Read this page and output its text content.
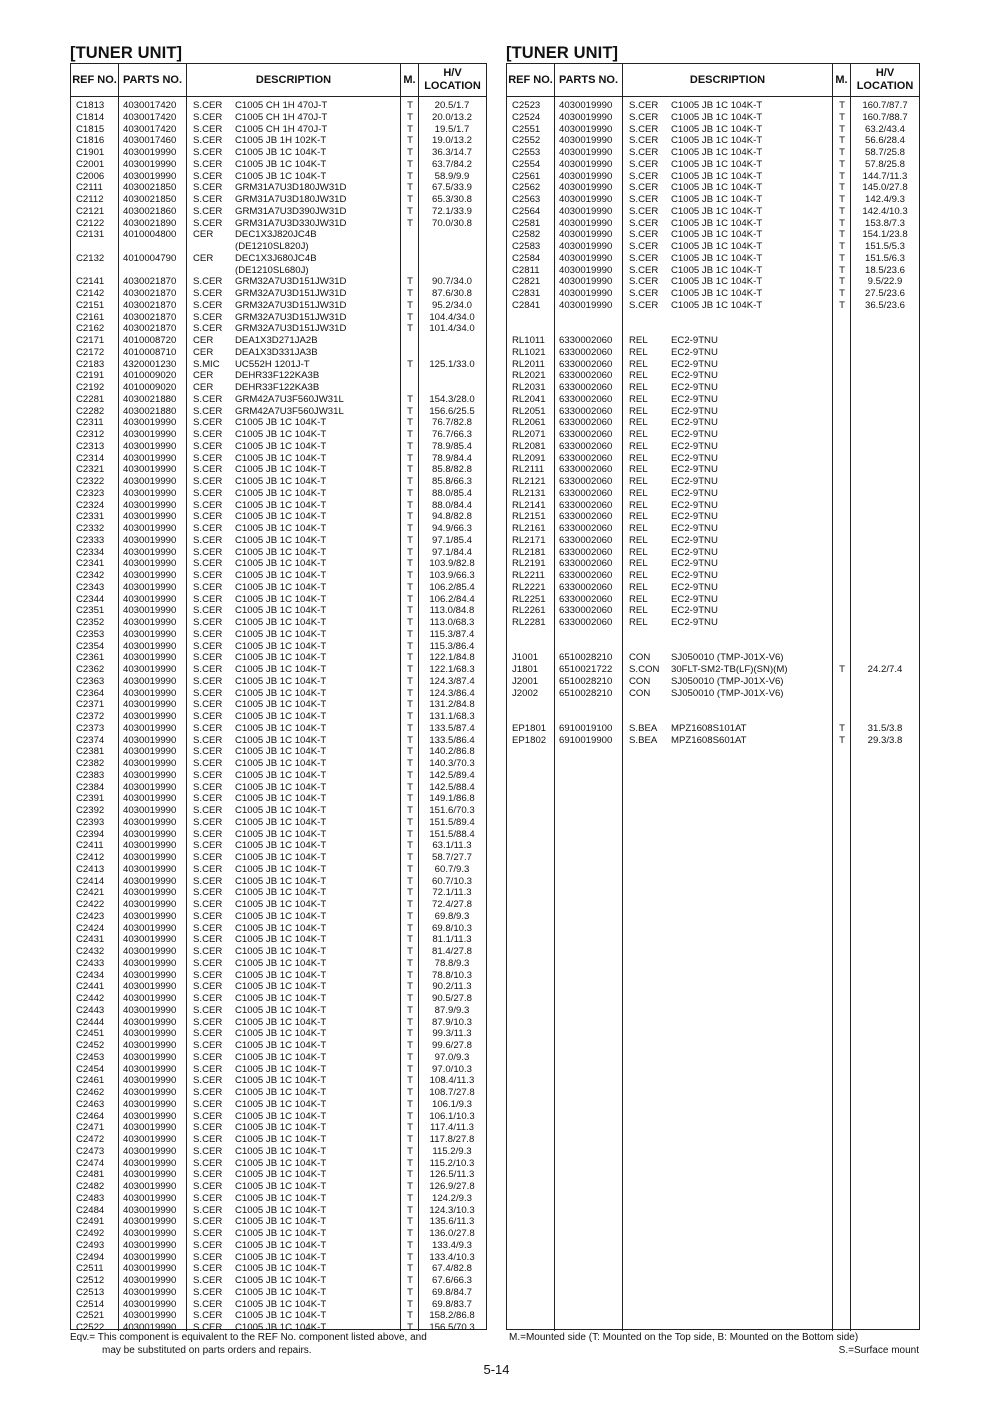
[TUNER UNIT]
REF NO. PARTS NO.	DESCRIPTION	M.
H/V LOCATION
C1813 4030017420 S.CER C1005 CH 1H 470J-T	T	20.5/1.7
C1814 4030017420 S.CER C1005 CH 1H 470J-T	T	20.0/13.2
C1815 4030017420 S.CER C1005 CH 1H 470J-T	T	19.5/1.7
C1816 4030017460 S.CER C1005 JB 1H 102K-T	T	19.0/13.2
C1901 4030019990 S.CER C1005 JB 1C 104K-T	T	36.3/14.7
C2001 4030019990 S.CER C1005 JB 1C 104K-T	T	63.7/84.2
C2006 4030019990 S.CER C1005 JB 1C 104K-T	T	58.9/9.9
C2111 4030021850 S.CER GRM31A7U3D180JW31D	T	67.5/33.9
C2112 4030021850 S.CER GRM31A7U3D180JW31D	T	65.3/30.8
C2121 4030021860 S.CER GRM31A7U3D390JW31D	T	72.1/33.9
C2122 4030021890 S.CER GRM31A7U3D330JW31D	T	70.0/30.8
C2131 4010004800 CER DEC1X3J820JC4B
(DE1210SL820J)
C2132 4010004790 CER DEC1X3J680JC4B
(DE1210SL680J)
C2141 4030021870 S.CER GRM32A7U3D151JW31D	T	90.7/34.0
C2142 4030021870 S.CER GRM32A7U3D151JW31D	T	87.6/30.8
C2151 4030021870 S.CER GRM32A7U3D151JW31D	T	95.2/34.0
C2161 4030021870 S.CER GRM32A7U3D151JW31D	T	104.4/34.0
C2162 4030021870 S.CER GRM32A7U3D151JW31D	T	101.4/34.0
C2171 4010008720 CER DEA1X3D271JA2B
C2172 4010008710 CER DEA1X3D331JA3B
C2183 4320001230 S.MIC UC552H 1201J-T	T	125.1/33.0
C2191 4010009020 CER DEHR33F122KA3B
C2192 4010009020 CER DEHR33F122KA3B
C2281 4030021880 S.CER GRM42A7U3F560JW31L	T	154.3/28.0
C2282 4030021880 S.CER GRM42A7U3F560JW31L	T	156.6/25.5
C2311 4030019990 S.CER C1005 JB 1C 104K-T	T	76.7/82.8
C2312 4030019990 S.CER C1005 JB 1C 104K-T	T	76.7/66.3
C2313 4030019990 S.CER C1005 JB 1C 104K-T	T	78.9/85.4
C2314 4030019990 S.CER C1005 JB 1C 104K-T	T	78.9/84.4
C2321 4030019990 S.CER C1005 JB 1C 104K-T	T	85.8/82.8
C2322 4030019990 S.CER C1005 JB 1C 104K-T	T	85.8/66.3
C2323 4030019990 S.CER C1005 JB 1C 104K-T	T	88.0/85.4
C2324 4030019990 S.CER C1005 JB 1C 104K-T	T	88.0/84.4
C2331 4030019990 S.CER C1005 JB 1C 104K-T	T	94.8/82.8
C2332 4030019990 S.CER C1005 JB 1C 104K-T	T	94.9/66.3
C2333 4030019990 S.CER C1005 JB 1C 104K-T	T	97.1/85.4
C2334 4030019990 S.CER C1005 JB 1C 104K-T	T	97.1/84.4
C2341 4030019990 S.CER C1005 JB 1C 104K-T	T	103.9/82.8
C2342 4030019990 S.CER C1005 JB 1C 104K-T	T	103.9/66.3
C2343 4030019990 S.CER C1005 JB 1C 104K-T	T	106.2/85.4
C2344 4030019990 S.CER C1005 JB 1C 104K-T	T	106.2/84.4
C2351 4030019990 S.CER C1005 JB 1C 104K-T	T	113.0/84.8
C2352 4030019990 S.CER C1005 JB 1C 104K-T	T	113.0/68.3
C2353 4030019990 S.CER C1005 JB 1C 104K-T	T	115.3/87.4
C2354 4030019990 S.CER C1005 JB 1C 104K-T	T	115.3/86.4
C2361 4030019990 S.CER C1005 JB 1C 104K-T	T	122.1/84.8
C2362 4030019990 S.CER C1005 JB 1C 104K-T	T	122.1/68.3
C2363 4030019990 S.CER C1005 JB 1C 104K-T	T	124.3/87.4
C2364 4030019990 S.CER C1005 JB 1C 104K-T	T	124.3/86.4
C2371 4030019990 S.CER C1005 JB 1C 104K-T	T	131.2/84.8
C2372 4030019990 S.CER C1005 JB 1C 104K-T	T	131.1/68.3
C2373 4030019990 S.CER C1005 JB 1C 104K-T	T	133.5/87.4
C2374 4030019990 S.CER C1005 JB 1C 104K-T	T	133.5/86.4
C2381 4030019990 S.CER C1005 JB 1C 104K-T	T	140.2/86.8
C2382 4030019990 S.CER C1005 JB 1C 104K-T	T	140.3/70.3
C2383 4030019990 S.CER C1005 JB 1C 104K-T	T	142.5/89.4
C2384 4030019990 S.CER C1005 JB 1C 104K-T	T	142.5/88.4
C2391 4030019990 S.CER C1005 JB 1C 104K-T	T	149.1/86.8
C2392 4030019990 S.CER C1005 JB 1C 104K-T	T	151.6/70.3
C2393 4030019990 S.CER C1005 JB 1C 104K-T	T	151.5/89.4
C2394 4030019990 S.CER C1005 JB 1C 104K-T	T	151.5/88.4
C2411 4030019990 S.CER C1005 JB 1C 104K-T	T	63.1/11.3
C2412 4030019990 S.CER C1005 JB 1C 104K-T	T	58.7/27.7
C2413 4030019990 S.CER C1005 JB 1C 104K-T	T	60.7/9.3
C2414 4030019990 S.CER C1005 JB 1C 104K-T	T	60.7/10.3
C2421 4030019990 S.CER C1005 JB 1C 104K-T	T	72.1/11.3
C2422 4030019990 S.CER C1005 JB 1C 104K-T	T	72.4/27.8
C2423 4030019990 S.CER C1005 JB 1C 104K-T	T	69.8/9.3
C2424 4030019990 S.CER C1005 JB 1C 104K-T	T	69.8/10.3
C2431 4030019990 S.CER C1005 JB 1C 104K-T	T	81.1/11.3
C2432 4030019990 S.CER C1005 JB 1C 104K-T	T	81.4/27.8
C2433 4030019990 S.CER C1005 JB 1C 104K-T	T	78.8/9.3
C2434 4030019990 S.CER C1005 JB 1C 104K-T	T	78.8/10.3
C2441 4030019990 S.CER C1005 JB 1C 104K-T	T	90.2/11.3
C2442 4030019990 S.CER C1005 JB 1C 104K-T	T	90.5/27.8
C2443 4030019990 S.CER C1005 JB 1C 104K-T	T	87.9/9.3
C2444 4030019990 S.CER C1005 JB 1C 104K-T	T	87.9/10.3
C2451 4030019990 S.CER C1005 JB 1C 104K-T	T	99.3/11.3
C2452 4030019990 S.CER C1005 JB 1C 104K-T	T	99.6/27.8
C2453 4030019990 S.CER C1005 JB 1C 104K-T	T	97.0/9.3
C2454 4030019990 S.CER C1005 JB 1C 104K-T	T	97.0/10.3
C2461 4030019990 S.CER C1005 JB 1C 104K-T	T	108.4/11.3
C2462 4030019990 S.CER C1005 JB 1C 104K-T	T	108.7/27.8
C2463 4030019990 S.CER C1005 JB 1C 104K-T	T	106.1/9.3
C2464 4030019990 S.CER C1005 JB 1C 104K-T	T	106.1/10.3
C2471 4030019990 S.CER C1005 JB 1C 104K-T	T	117.4/11.3
C2472 4030019990 S.CER C1005 JB 1C 104K-T	T	117.8/27.8
C2473 4030019990 S.CER C1005 JB 1C 104K-T	T	115.2/9.3
C2474 4030019990 S.CER C1005 JB 1C 104K-T	T	115.2/10.3
C2481 4030019990 S.CER C1005 JB 1C 104K-T	T	126.5/11.3
C2482 4030019990 S.CER C1005 JB 1C 104K-T	T	126.9/27.8
C2483 4030019990 S.CER C1005 JB 1C 104K-T	T	124.2/9.3
C2484 4030019990 S.CER C1005 JB 1C 104K-T	T	124.3/10.3
C2491 4030019990 S.CER C1005 JB 1C 104K-T	T	135.6/11.3
C2492 4030019990 S.CER C1005 JB 1C 104K-T	T	136.0/27.8
C2493 4030019990 S.CER C1005 JB 1C 104K-T	T	133.4/9.3
C2494 4030019990 S.CER C1005 JB 1C 104K-T	T	133.4/10.3
C2511 4030019990 S.CER C1005 JB 1C 104K-T	T	67.4/82.8
C2512 4030019990 S.CER C1005 JB 1C 104K-T	T	67.6/66.3
C2513 4030019990 S.CER C1005 JB 1C 104K-T	T	69.8/84.7
C2514 4030019990 S.CER C1005 JB 1C 104K-T	T	69.8/83.7
C2521 4030019990 S.CER C1005 JB 1C 104K-T	T	158.2/86.8
C2522 4030019990 S.CER C1005 JB 1C 104K-T	T	156.5/70.3
[TUNER UNIT]
REF NO. PARTS NO.	DESCRIPTION	M.
H/V LOCATION
C2523 4030019990 S.CER C1005 JB 1C 104K-T	T	160.7/87.7
C2524 4030019990 S.CER C1005 JB 1C 104K-T	T	160.7/88.7
C2551 4030019990 S.CER C1005 JB 1C 104K-T	T	63.2/43.4
C2552 4030019990 S.CER C1005 JB 1C 104K-T	T	56.6/28.4
C2553 4030019990 S.CER C1005 JB 1C 104K-T	T	58.7/25.8
C2554 4030019990 S.CER C1005 JB 1C 104K-T	T	57.8/25.8
C2561 4030019990 S.CER C1005 JB 1C 104K-T	T	144.7/11.3
C2562 4030019990 S.CER C1005 JB 1C 104K-T	T	145.0/27.8
C2563 4030019990 S.CER C1005 JB 1C 104K-T	T	142.4/9.3
C2564 4030019990 S.CER C1005 JB 1C 104K-T	T	142.4/10.3
C2581 4030019990 S.CER C1005 JB 1C 104K-T	T	153.8/7.3
C2582 4030019990 S.CER C1005 JB 1C 104K-T	T	154.1/23.8
C2583 4030019990 S.CER C1005 JB 1C 104K-T	T	151.5/5.3
C2584 4030019990 S.CER C1005 JB 1C 104K-T	T	151.5/6.3
C2811 4030019990 S.CER C1005 JB 1C 104K-T	T	18.5/23.6
C2821 4030019990 S.CER C1005 JB 1C 104K-T	T	9.5/22.9
C2831 4030019990 S.CER C1005 JB 1C 104K-T	T	27.5/23.6
C2841 4030019990 S.CER C1005 JB 1C 104K-T	T	36.5/23.6
RL1011 6330002060 REL EC2-9TNU
RL1021 6330002060 REL EC2-9TNU
RL2011 6330002060 REL EC2-9TNU
RL2021 6330002060 REL EC2-9TNU
RL2031 6330002060 REL EC2-9TNU
RL2041 6330002060 REL EC2-9TNU
RL2051 6330002060 REL EC2-9TNU
RL2061 6330002060 REL EC2-9TNU
RL2071 6330002060 REL EC2-9TNU
RL2081 6330002060 REL EC2-9TNU
RL2091 6330002060 REL EC2-9TNU
RL2111 6330002060 REL EC2-9TNU
RL2121 6330002060 REL EC2-9TNU
RL2131 6330002060 REL EC2-9TNU
RL2141 6330002060 REL EC2-9TNU
RL2151 6330002060 REL EC2-9TNU
RL2161 6330002060 REL EC2-9TNU
RL2171 6330002060 REL EC2-9TNU
RL2181 6330002060 REL EC2-9TNU
RL2191 6330002060 REL EC2-9TNU
RL2211 6330002060 REL EC2-9TNU
RL2221 6330002060 REL EC2-9TNU
RL2251 6330002060 REL EC2-9TNU
RL2261 6330002060 REL EC2-9TNU
RL2281 6330002060 REL EC2-9TNU
J1001 6510028210 CON SJ050010 (TMP-J01X-V6)
J1801 6510021722 S.CON 30FLT-SM2-TB(LF)(SN)(M)	T	24.2/7.4
J2001 6510028210 CON SJ050010 (TMP-J01X-V6)
J2002 6510028210 CON SJ050010 (TMP-J01X-V6)
EP1801 6910019100 S.BEA MPZ1608S101AT	T	31.5/3.8
EP1802 6910019900 S.BEA MPZ1608S601AT	T	29.3/3.8
Eqv.= This component is equivalent to the REF No. component listed above, and
may be substituted on parts orders and repairs.
M.=Mounted side (T: Mounted on the Top side, B: Mounted on the Bottom side)
S.=Surface mount
5-14
